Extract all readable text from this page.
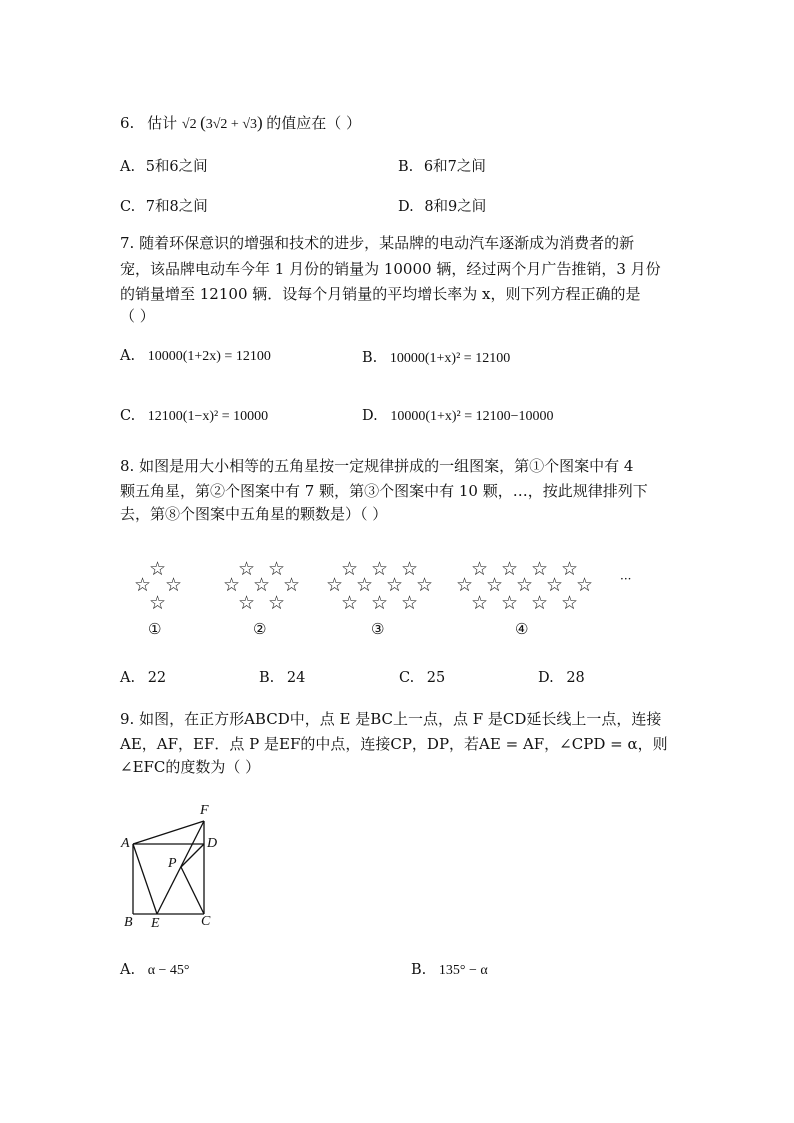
6. 估计 √2 (3√2 + √3) 的值应在（ ）
A. 5和6之间	B. 6和7之间
C. 7和8之间	D. 8和9之间
7. 随着环保意识的增强和技术的进步，某品牌的电动汽车逐渐成为消费者的新
宠，该品牌电动车今年 1 月份的销量为 10000 辆，经过两个月广告推销，3 月份
的销量增至 12100 辆．设每个月销量的平均增长率为 x，则下列方程正确的是
（ ）
A. 10000(1+2x) = 12100	B. 10000(1+x)² = 12100
C. 12100(1−x)² = 10000	D. 10000(1+x)² = 12100−10000
8. 如图是用大小相等的五角星按一定规律拼成的一组图案，第①个图案中有 4
颗五角星，第②个图案中有 7 颗，第③个图案中有 10 颗，…，按此规律排列下
去，第⑧个图案中五角星的颗数是）（ ）
☆
☆ ☆
☆
☆ ☆
☆ ☆ ☆
☆ ☆
☆ ☆ ☆
☆ ☆ ☆ ☆
☆ ☆ ☆
☆ ☆ ☆ ☆
☆ ☆ ☆ ☆ ☆
☆ ☆ ☆ ☆
···
①	②	③	④
A. 22	B. 24	C. 25	D. 28
9. 如图，在正方形ABCD中，点 E 是BC上一点，点 F 是CD延长线上一点，连接
AE，AF，EF．点 P 是EF的中点，连接CP，DP，若AE = AF，∠CPD = α，则
∠EFC的度数为（ ）
A
B	C
D
E
F
P
A. α − 45°	B. 135° − α
